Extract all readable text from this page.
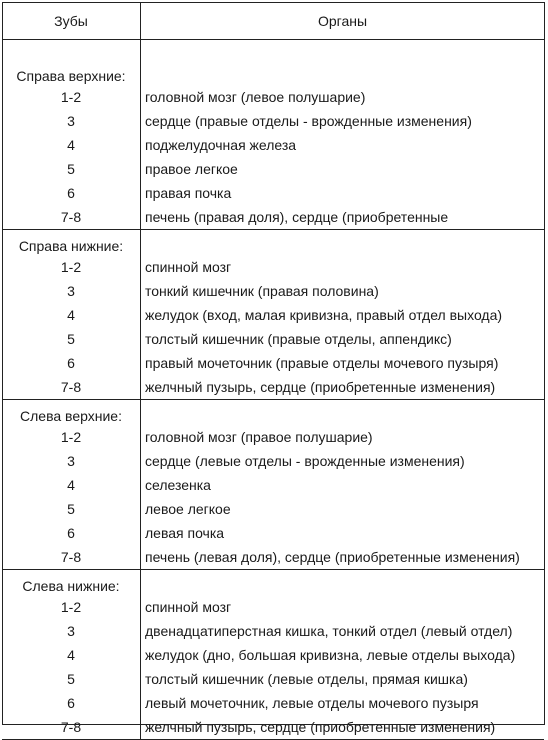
Зубы	Органы
Справа верхние:	
1-2	головной мозг (левое полушарие)
3	сердце (правые отделы - врожденные изменения)
4	поджелудочная железа
5	правое легкое
6	правая почка
7-8	печень (правая доля), сердце (приобретенные
Справа нижние:	
1-2	спинной мозг
3	тонкий кишечник (правая половина)
4	желудок (вход, малая кривизна, правый отдел выхода)
5	толстый кишечник (правые отделы, аппендикс)
6	правый мочеточник (правые отделы мочевого пузыря)
7-8	желчный пузырь, сердце (приобретенные изменения)
Слева верхние:	
1-2	головной мозг (правое полушарие)
3	сердце (левые отделы - врожденные изменения)
4	селезенка
5	левое легкое
6	левая почка
7-8	печень (левая доля), сердце (приобретенные изменения)
Слева нижние:	
1-2	спинной мозг
3	двенадцатиперстная кишка, тонкий отдел (левый отдел)
4	желудок (дно, большая кривизна, левые отделы выхода)
5	толстый кишечник (левые отделы, прямая кишка)
6	левый мочеточник, левые отделы мочевого пузыря
7-8	желчный пузырь, сердце (приобретенные изменения)
